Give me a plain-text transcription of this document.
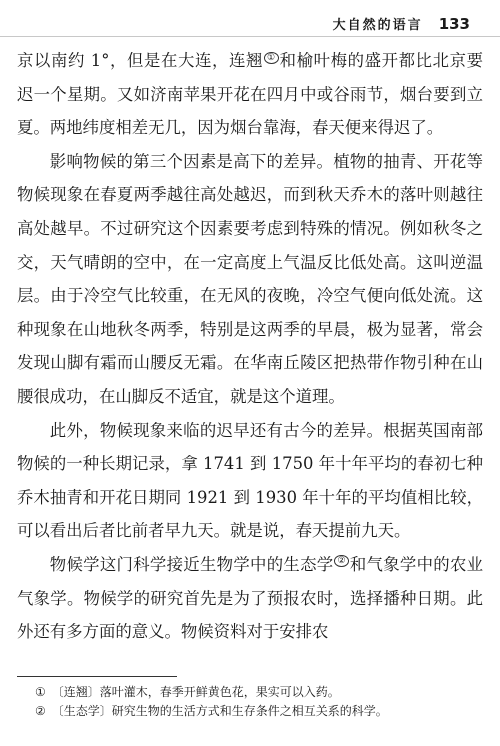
大自然的语言 133

京以南约 1°，但是在大连，连翘 ① 和榆叶梅的盛开都比北京要迟一个星期。又如济南苹果开花在四月中或谷雨节，烟台要到立夏。两地纬度相差无几，因为烟台靠海，春天便来得迟了。

影响物候的第三个因素是高下的差异。植物的抽青、开花等物候现象在春夏两季越往高处越迟，而到秋天乔木的落叶则越往高处越早。不过研究这个因素要考虑到特殊的情况。例如秋冬之交，天气晴朗的空中，在一定高度上气温反比低处高。这叫逆温层。由于冷空气比较重，在无风的夜晚，冷空气便向低处流。这种现象在山地秋冬两季，特别是这两季的早晨，极为显著，常会发现山脚有霜而山腰反无霜。在华南丘陵区把热带作物引种在山腰很成功，在山脚反不适宜，就是这个道理。

此外，物候现象来临的迟早还有古今的差异。根据英国南部物候的一种长期记录，拿 1741 到 1750 年十年平均的春初七种乔木抽青和开花日期同 1921 到 1930 年十年的平均值相比较，可以看出后者比前者早九天。就是说，春天提前九天。

物候学这门科学接近生物学中的生态学 ② 和气象学中的农业气象学。物候学的研究首先是为了预报农时，选择播种日期。此外还有多方面的意义。物候资料对于安排农

① 〔连翘〕落叶灌木，春季开鲜黄色花，果实可以入药。

② 〔生态学〕研究生物的生活方式和生存条件之相互关系的科学。
